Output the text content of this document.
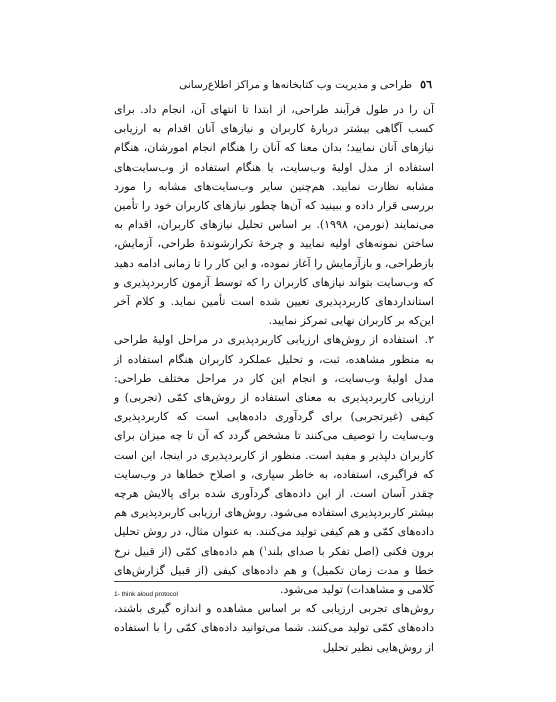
٥٦
طراحی و مدیریت وب کتابخانه‌ها و مراکز اطلاع‌رسانی

آن را در طول فرآیند طراحی، از ابتدا تا انتهای آن، انجام داد. برای کسب آگاهی بیشتر دربارهٔ کاربران و نیازهای آنان اقدام به ارزیابی نیازهای آنان نمایید؛ بدان معنا که آنان را هنگام انجام امورشان، هنگام استفاده از مدل اولیهٔ وب‌سایت، یا هنگام استفاده از وب‌سایت‌های مشابه نظارت نمایید. هم‌چنین سایر وب‌سایت‌های مشابه را مورد بررسی قرار داده و ببینید که آن‌ها چطور نیازهای کاربران خود را تأمین می‌نمایند (نورمن، ۱۹۹۸). بر اساس تحلیل نیازهای کاربران، اقدام به ساختن نمونه‌های اولیه نمایید و چرخهٔ تکرارشوندهٔ طراحی، آزمایش، بازطراحی، و بازآزمایش را آغاز نموده، و این کار را تا زمانی ادامه دهید که وب‌سایت بتواند نیازهای کاربران را که توسط آزمون کاربردپذیری و استانداردهای کاربردپذیری تعیین شده است تأمین نماید. و کلام آخر این‌که بر کاربران نهایی تمرکز نمایید.

۲. استفاده از روش‌های ارزیابی کاربردپذیری در مراحل اولیهٔ طراحی به منظور مشاهده، ثبت، و تحلیل عملکرد کاربران هنگام استفاده از مدل اولیهٔ وب‌سایت، و انجام این کار در مراحل مختلف طراحی: ارزیابی کاربردپذیری به معنای استفاده از روش‌های کمّی (تجربی) و کیفی (غیرتجربی) برای گردآوری داده‌هایی است که کاربردپذیری وب‌سایت را توصیف می‌کنند تا مشخص گردد که آن تا چه میزان برای کاربران دلپذیر و مفید است. منظور از کاربردپذیری در اینجا، این است که فراگیری، استفاده، به خاطر سپاری، و اصلاح خطاها در وب‌سایت چقدر آسان است. از این داده‌های گردآوری شده برای پالایش هرچه بیشتر کاربردپذیری استفاده می‌شود. روش‌های ارزیابی کاربردپذیری هم داده‌های کمّی و هم کیفی تولید می‌کنند. به عنوان مثال، در روش تحلیل برون فکنی (اصل تفکر با صدای بلند$^۱$) هم داده‌های کمّی (از قبیل نرخ خطا و مدت زمان تکمیل) و هم داده‌های کیفی (از قبیل گزارش‌های کلامی و مشاهدات) تولید می‌شود.

روش‌های تجربی ارزیابی که بر اساس مشاهده و اندازه گیری باشند، داده‌های کمّی تولید می‌کنند. شما می‌توانید داده‌های کمّی را با استفاده از روش‌هایی نظیر تحلیل

1- think aloud protocol
